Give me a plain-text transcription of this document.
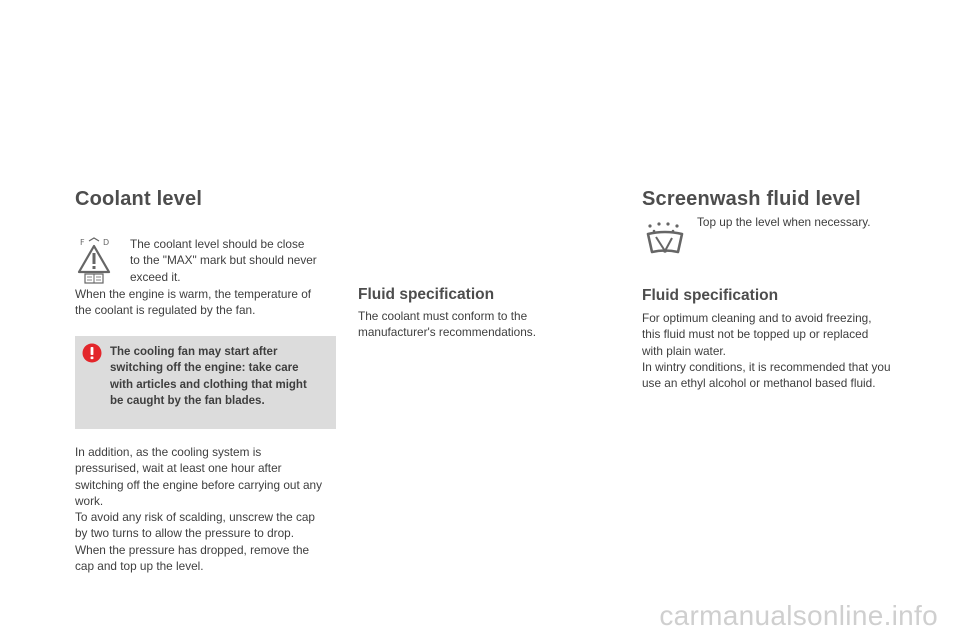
Coolant level
F D The coolant level should be close
to the "MAX" mark but should never
exceed it.
When the engine is warm, the temperature of
the coolant is regulated by the fan.
The cooling fan may start after
switching off the engine: take care
with articles and clothing that might
be caught by the fan blades.
In addition, as the cooling system is
pressurised, wait at least one hour after
switching off the engine before carrying out any
work.
To avoid any risk of scalding, unscrew the cap
by two turns to allow the pressure to drop.
When the pressure has dropped, remove the
cap and top up the level.
Fluid specification
The coolant must conform to the
manufacturer's recommendations.
Screenwash fluid level
Top up the level when necessary.
Fluid specification
For optimum cleaning and to avoid freezing,
this fluid must not be topped up or replaced
with plain water.
In wintry conditions, it is recommended that you
use an ethyl alcohol or methanol based fluid.
carmanualsonline.info
